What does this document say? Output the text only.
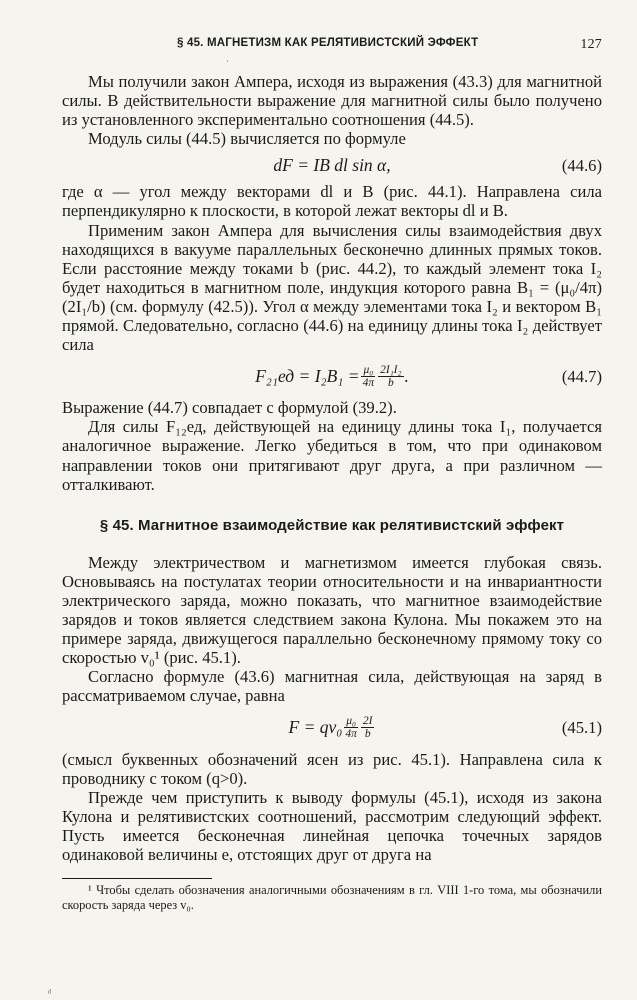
ˈ
§ 45. МАГНЕТИЗМ КАК РЕЛЯТИВИСТСКИЙ ЭФФЕКТ	127

Мы получили закон Ампера, исходя из выражения (43.3) для магнитной силы. В действительности выражение для магнитной силы было получено из установленного экспериментально соотношения (44.5).

Модуль силы (44.5) вычисляется по формуле

dF = IB dl sin α,	(44.6)

где α — угол между векторами dl и B (рис. 44.1). Направлена сила перпендикулярно к плоскости, в которой лежат векторы dl и B.

Применим закон Ампера для вычисления силы взаимодействия двух находящихся в вакууме параллельных бесконечно длинных прямых токов. Если расстояние между токами b (рис. 44.2), то каждый элемент тока I₂ будет находиться в магнитном поле, индукция которого равна B₁ = (μ₀/4π)(2I₁/b) (см. формулу (42.5)). Угол α между элементами тока I₂ и вектором B₁ прямой. Следовательно, согласно (44.6) на единицу длины тока I₂ действует сила

$F_{21}ед = I_2B_1 = \frac{\text{μ₀}}{4\pi} \frac{\text{2I₁I₂}}{b}$ .	(44.7)

Выражение (44.7) совпадает с формулой (39.2).

Для силы F₁₂ед, действующей на единицу длины тока I₁, получается аналогичное выражение. Легко убедиться в том, что при одинаковом направлении токов они притягивают друг друга, а при различном — отталкивают.

§ 45. Магнитное взаимодействие как релятивистский эффект

Между электричеством и магнетизмом имеется глубокая связь. Основываясь на постулатах теории относительности и на инвариантности электрического заряда, можно показать, что магнитное взаимодействие зарядов и токов является следствием закона Кулона. Мы покажем это на примере заряда, движущегося параллельно бесконечному прямому току со скоростью v₀¹ (рис. 45.1).

Согласно формуле (43.6) магнитная сила, действующая на заряд в рассматриваемом случае, равна

$F = qv_0 \frac{\text{μ₀}}{4\pi} \frac{2I}{b}$	(45.1)

(смысл буквенных обозначений ясен из рис. 45.1). Направлена сила к проводнику с током (q>0).

Прежде чем приступить к выводу формулы (45.1), исходя из закона Кулона и релятивистских соотношений, рассмотрим следующий эффект. Пусть имеется бесконечная линейная цепочка точечных зарядов одинаковой величины e, отстоящих друг от друга на

¹ Чтобы сделать обозначения аналогичными обозначениям в гл. VIII 1-го тома, мы обозначили скорость заряда через v₀.

ᵈ
